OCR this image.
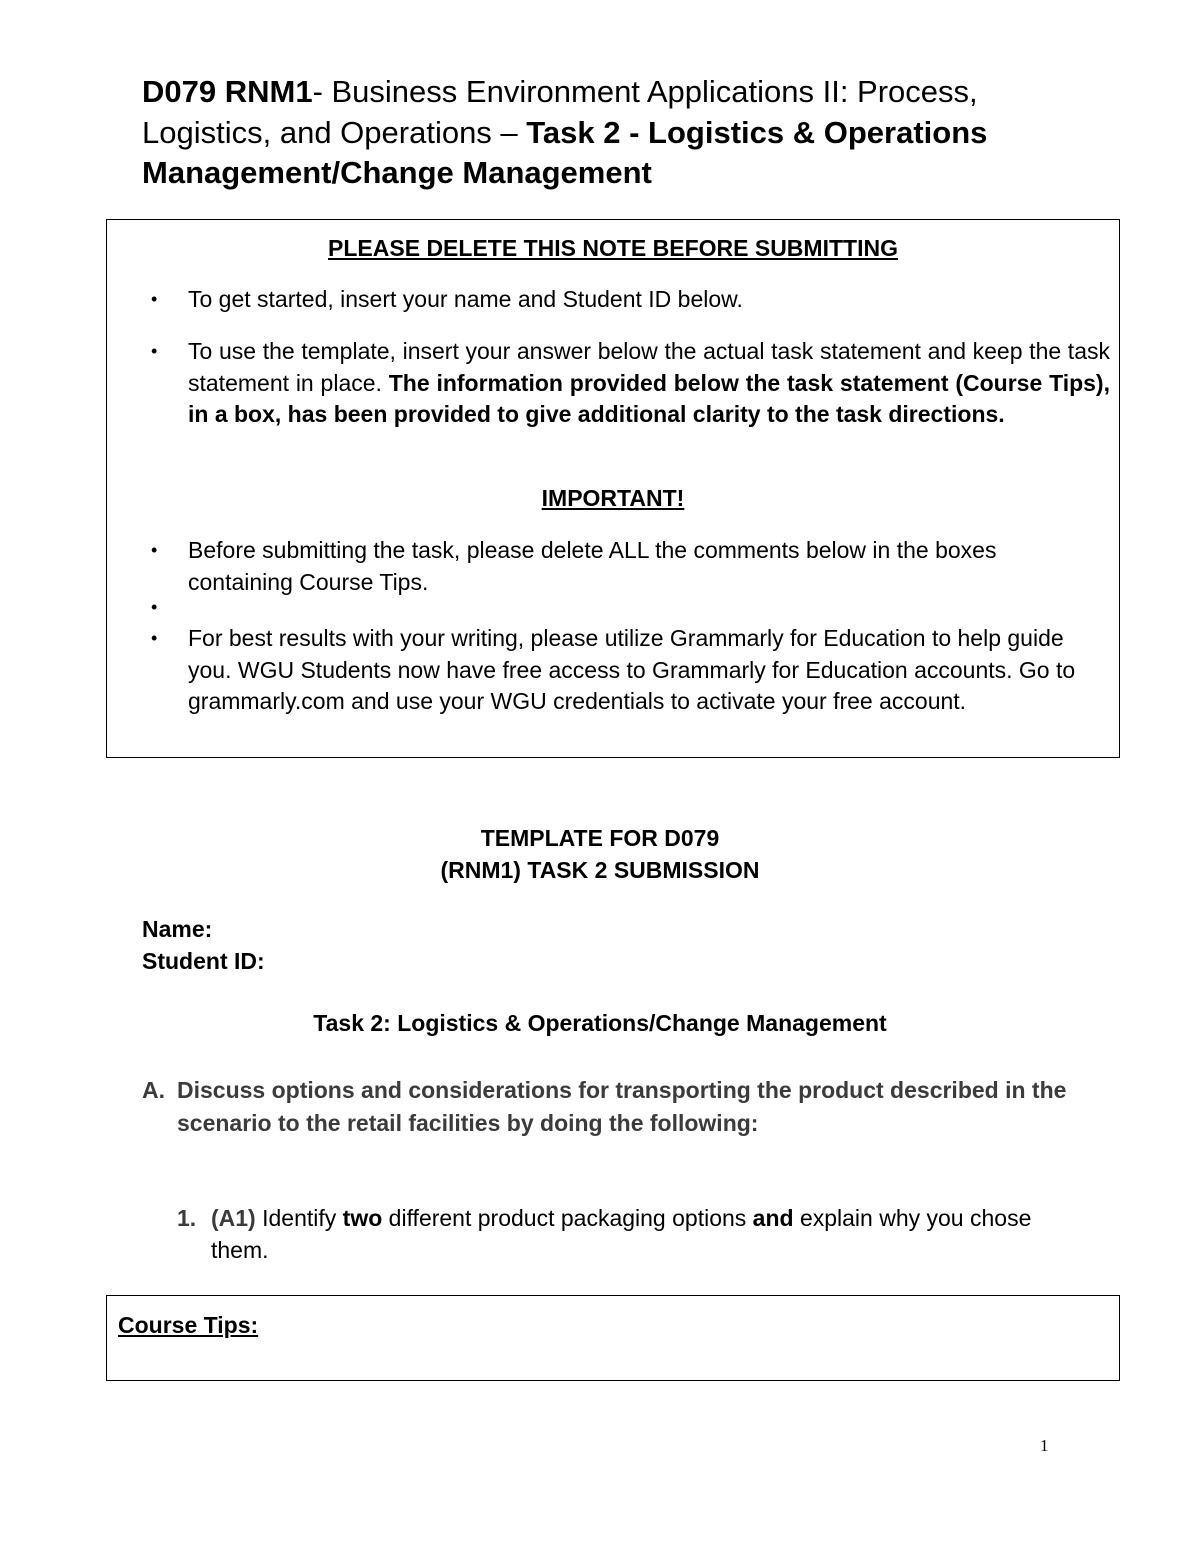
D079 RNM1- Business Environment Applications II: Process, Logistics, and Operations – Task 2 - Logistics & Operations Management/Change Management
PLEASE DELETE THIS NOTE BEFORE SUBMITTING
• To get started, insert your name and Student ID below.
• To use the template, insert your answer below the actual task statement and keep the task statement in place. The information provided below the task statement (Course Tips), in a box, has been provided to give additional clarity to the task directions.
IMPORTANT!
• Before submitting the task, please delete ALL the comments below in the boxes containing Course Tips.
•
• For best results with your writing, please utilize Grammarly for Education to help guide you. WGU Students now have free access to Grammarly for Education accounts. Go to grammarly.com and use your WGU credentials to activate your free account.
TEMPLATE FOR D079
(RNM1) TASK 2 SUBMISSION
Name:
Student ID:
Task 2: Logistics & Operations/Change Management
A. Discuss options and considerations for transporting the product described in the scenario to the retail facilities by doing the following:
1. (A1) Identify two different product packaging options and explain why you chose them.
Course Tips:
1
